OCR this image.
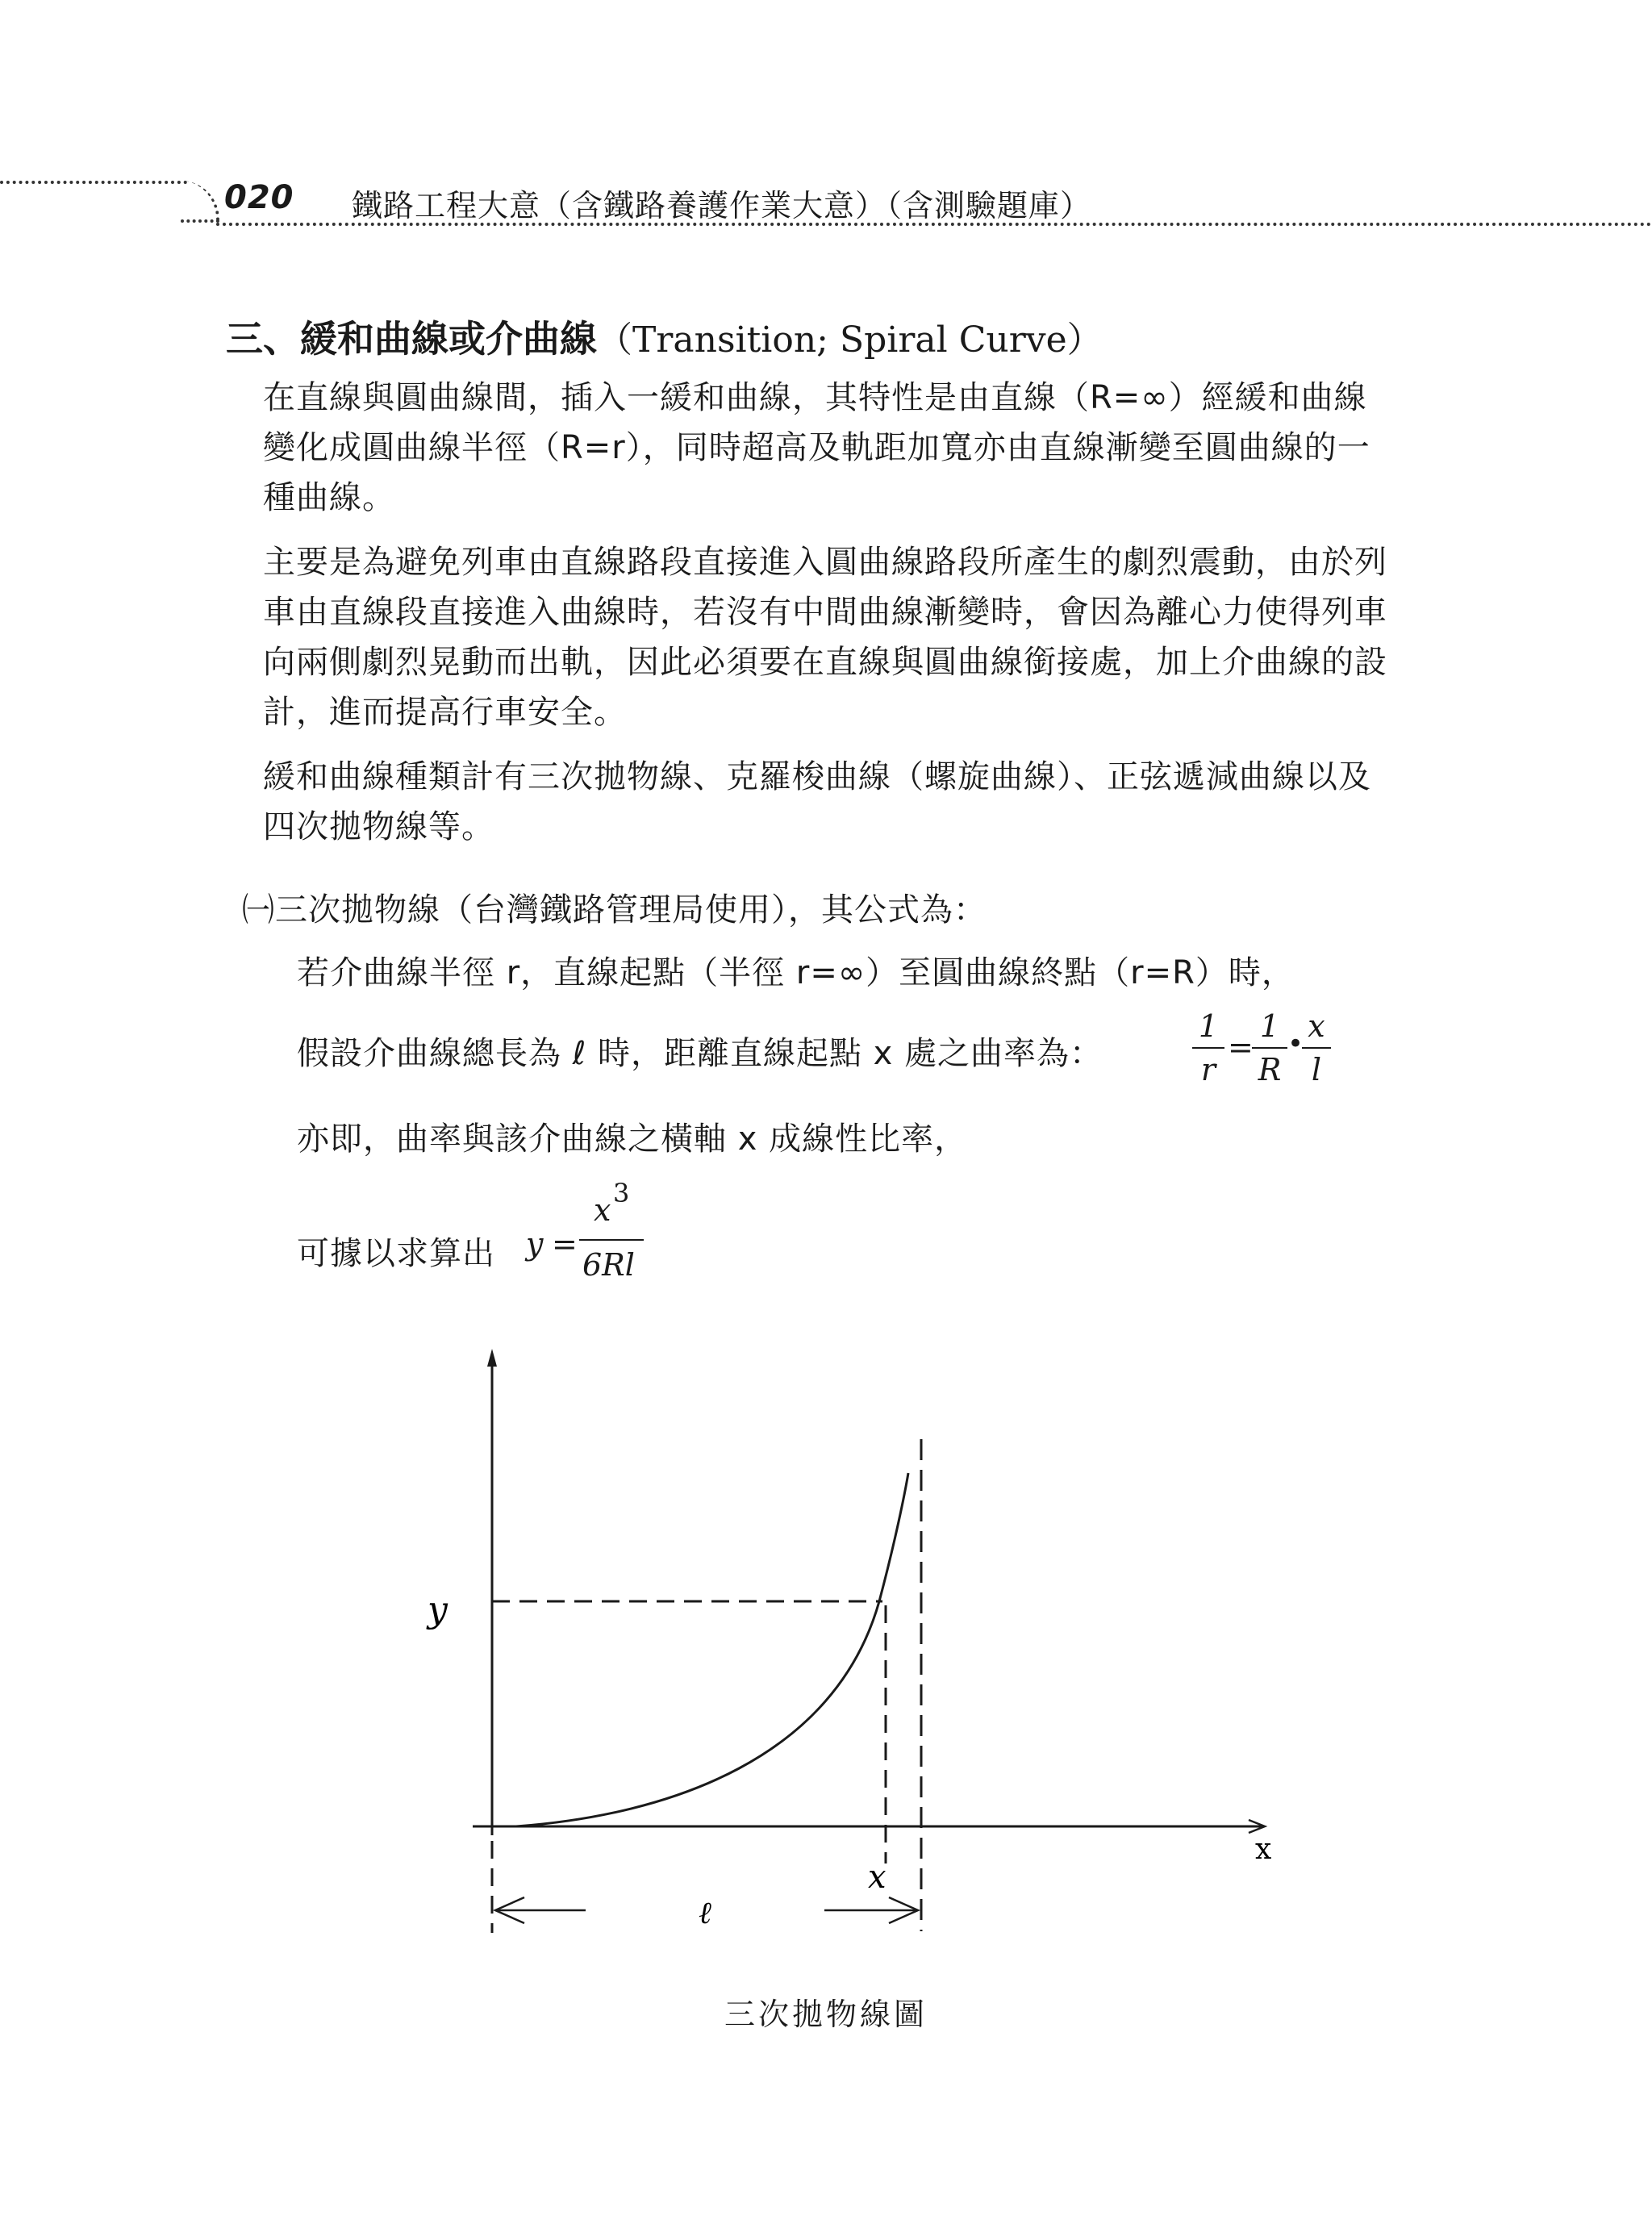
020 鐵路工程大意（含鐵路養護作業大意）（含測驗題庫）
三、緩和曲線或介曲線（Transition; Spiral Curve）
在直線與圓曲線間，插入一緩和曲線，其特性是由直線（R=∞）經緩和曲線變化成圓曲線半徑（R=r），同時超高及軌距加寬亦由直線漸變至圓曲線的一種曲線。
主要是為避免列車由直線路段直接進入圓曲線路段所產生的劇烈震動，由於列車由直線段直接進入曲線時，若沒有中間曲線漸變時，會因為離心力使得列車向兩側劇烈晃動而出軌，因此必須要在直線與圓曲線銜接處，加上介曲線的設計，進而提高行車安全。
緩和曲線種類計有三次拋物線、克羅梭曲線（螺旋曲線）、正弦遞減曲線以及四次拋物線等。
㈠三次拋物線（台灣鐵路管理局使用），其公式為：
若介曲線半徑 r，直線起點（半徑 r=∞）至圓曲線終點（r=R）時，
假設介曲線總長為 ℓ 時，距離直線起點 x 處之曲率為：
1
r
=
1
R
• x
l
亦即，曲率與該介曲線之橫軸 x 成線性比率，
可據以求算出 y =
x 3
6Rl
y
x
x
ℓ
三次拋物線圖
